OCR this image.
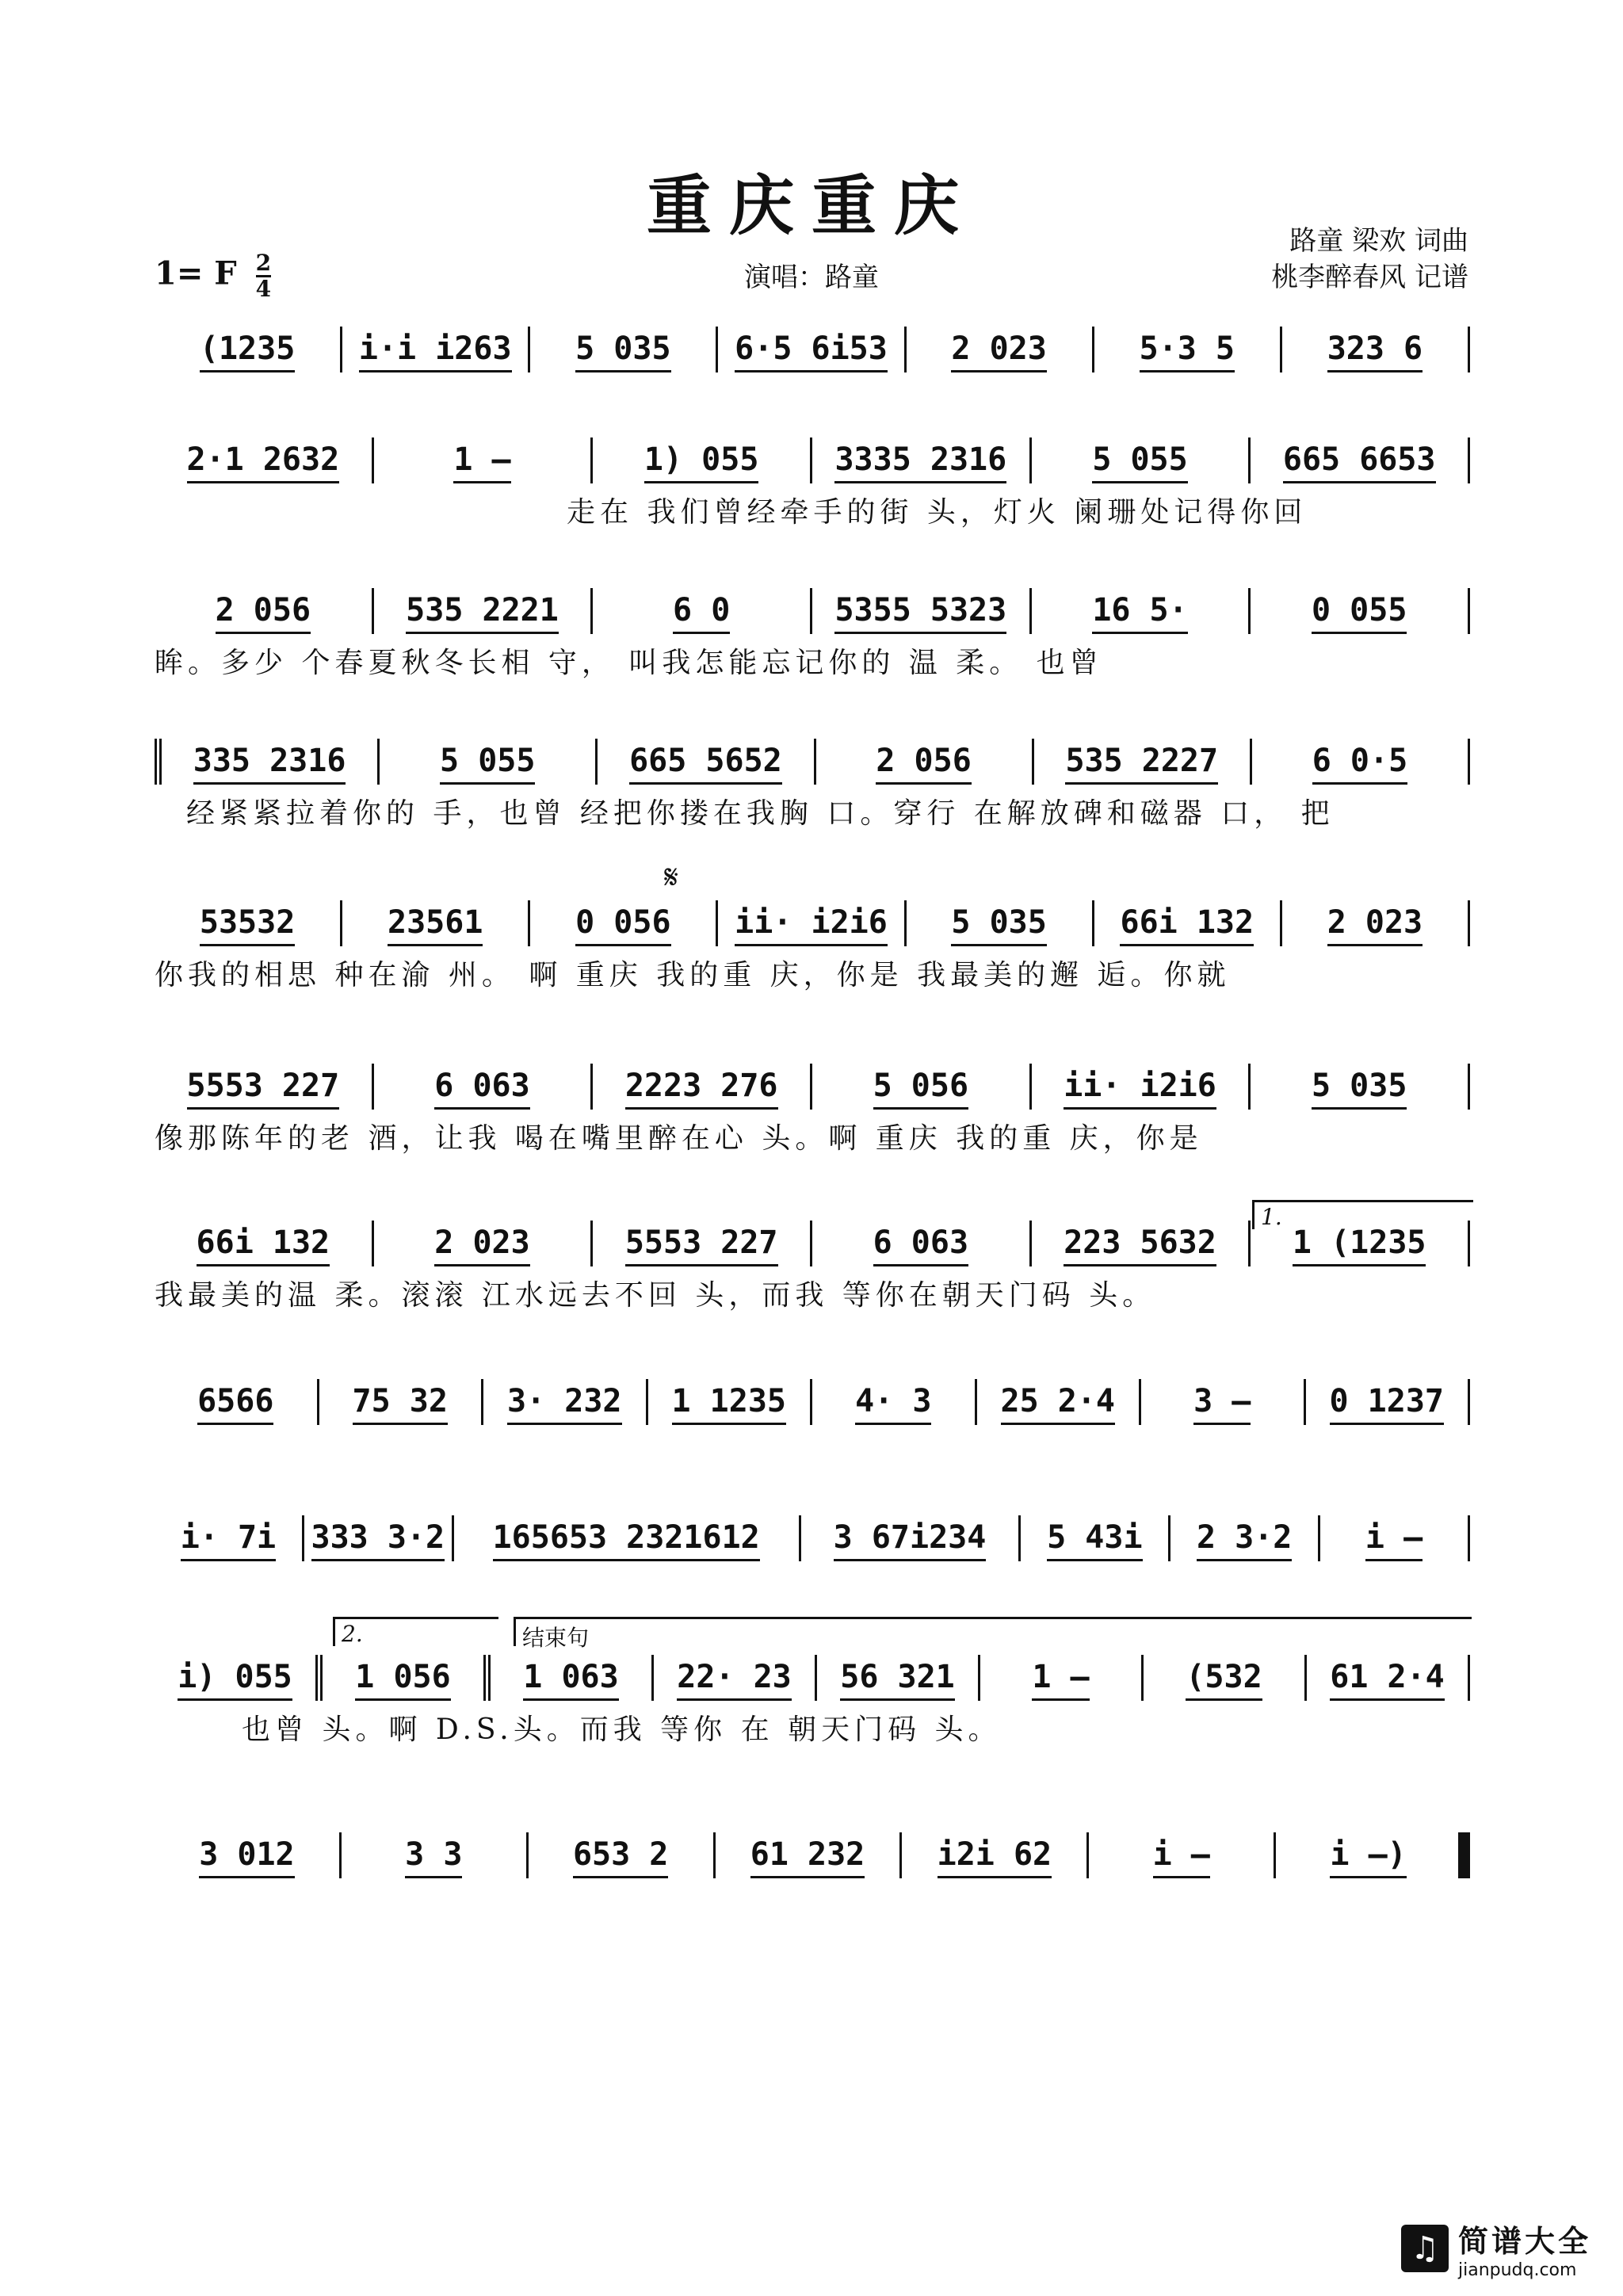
重庆重庆	路童 梁欢 词曲
桃李醉春风 记谱
1= F $\frac{2}{4}$	演唱：路童
(1235 i·i i263 5 035 6·5 6i53 2 023	5·3 5	323 6
2·1 2632	1 –	1) 055 3335 2316	5 055	665 6653
走在 我们曾经牵手的街 头，灯火 阑珊处记得你回
2 056	535 2221	6 0	5355 5323	16 5·	0 055
眸。多少 个春夏秋冬长相 守， 叫我怎能忘记你的 温 柔。 也曾
335 2316	5 055	665 5652	2 056	535 2227	6 0·5
经紧紧拉着你的 手，也曾 经把你搂在我胸 口。穿行 在解放碑和磁器 口， 把
𝄋
53532	23561	0 056 ii· i2i6 5 035 66i 132 2 023
你我的相思 种在渝 州。 啊 重庆 我的重 庆，你是 我最美的邂 逅。你就
5553 227	6 063	2223 276	5 056	ii· i2i6	5 035
像那陈年的老 酒，让我 喝在嘴里醉在心 头。啊 重庆 我的重 庆，你是
1.
66i 132	2 023	5553 227	6 063	223 5632 1 (1235
我最美的温 柔。滚滚 江水远去不回 头，而我 等你在朝天门码 头。
6566 75 32 3· 232 1 1235 4· 3 25 2·4 3 – 0 1237
i· 7i 333 3·2 165653 2321612 3 67i234 5 43i 2 3·2 i –
2.	结束句
i) 055 1 056 1 063 22· 23 56 321 1 –	(532 61 2·4
也曾 头。啊 D.S.头。而我 等你 在 朝天门码 头。
3 012	3 3	653 2	61 232 i2i 62	i –	i –)
♫ 简谱大全
jianpudq.com
